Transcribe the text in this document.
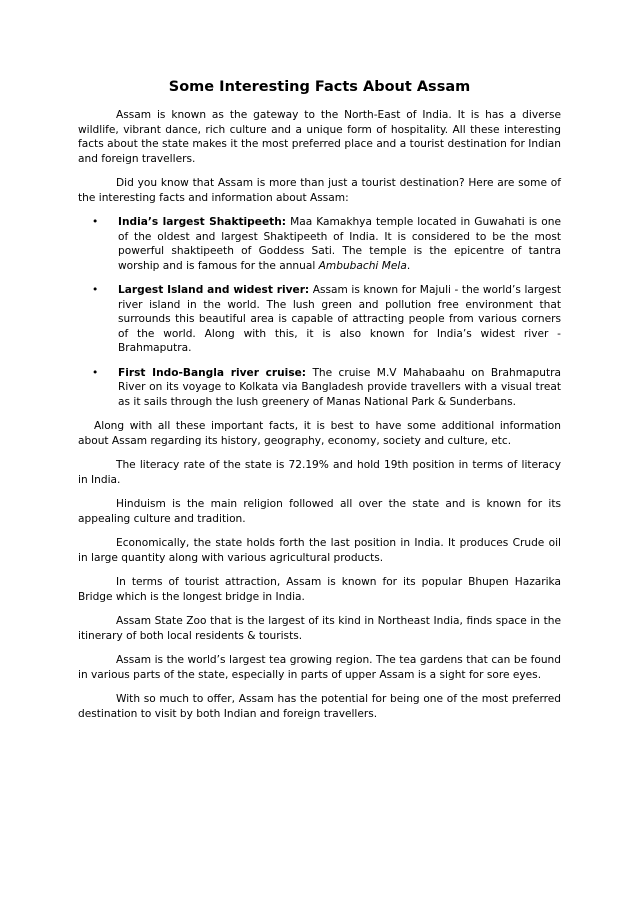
Some Interesting Facts About Assam

Assam is known as the gateway to the North-East of India. It is has a diverse wildlife, vibrant dance, rich culture and a unique form of hospitality. All these interesting facts about the state makes it the most preferred place and a tourist destination for Indian and foreign travellers.

Did you know that Assam is more than just a tourist destination? Here are some of the interesting facts and information about Assam:

• India’s largest Shaktipeeth: Maa Kamakhya temple located in Guwahati is one of the oldest and largest Shaktipeeth of India. It is considered to be the most powerful shaktipeeth of Goddess Sati. The temple is the epicentre of tantra worship and is famous for the annual Ambubachi Mela.
• Largest Island and widest river: Assam is known for Majuli - the world’s largest river island in the world. The lush green and pollution free environment that surrounds this beautiful area is capable of attracting people from various corners of the world. Along with this, it is also known for India’s widest river - Brahmaputra.
• First Indo-Bangla river cruise: The cruise M.V Mahabaahu on Brahmaputra River on its voyage to Kolkata via Bangladesh provide travellers with a visual treat as it sails through the lush greenery of Manas National Park & Sunderbans.

Along with all these important facts, it is best to have some additional information about Assam regarding its history, geography, economy, society and culture, etc.

The literacy rate of the state is 72.19% and hold 19th position in terms of literacy in India.

Hinduism is the main religion followed all over the state and is known for its appealing culture and tradition.

Economically, the state holds forth the last position in India. It produces Crude oil in large quantity along with various agricultural products.

In terms of tourist attraction, Assam is known for its popular Bhupen Hazarika Bridge which is the longest bridge in India.

Assam State Zoo that is the largest of its kind in Northeast India, finds space in the itinerary of both local residents & tourists.

Assam is the world’s largest tea growing region. The tea gardens that can be found in various parts of the state, especially in parts of upper Assam is a sight for sore eyes.

With so much to offer, Assam has the potential for being one of the most preferred destination to visit by both Indian and foreign travellers.
